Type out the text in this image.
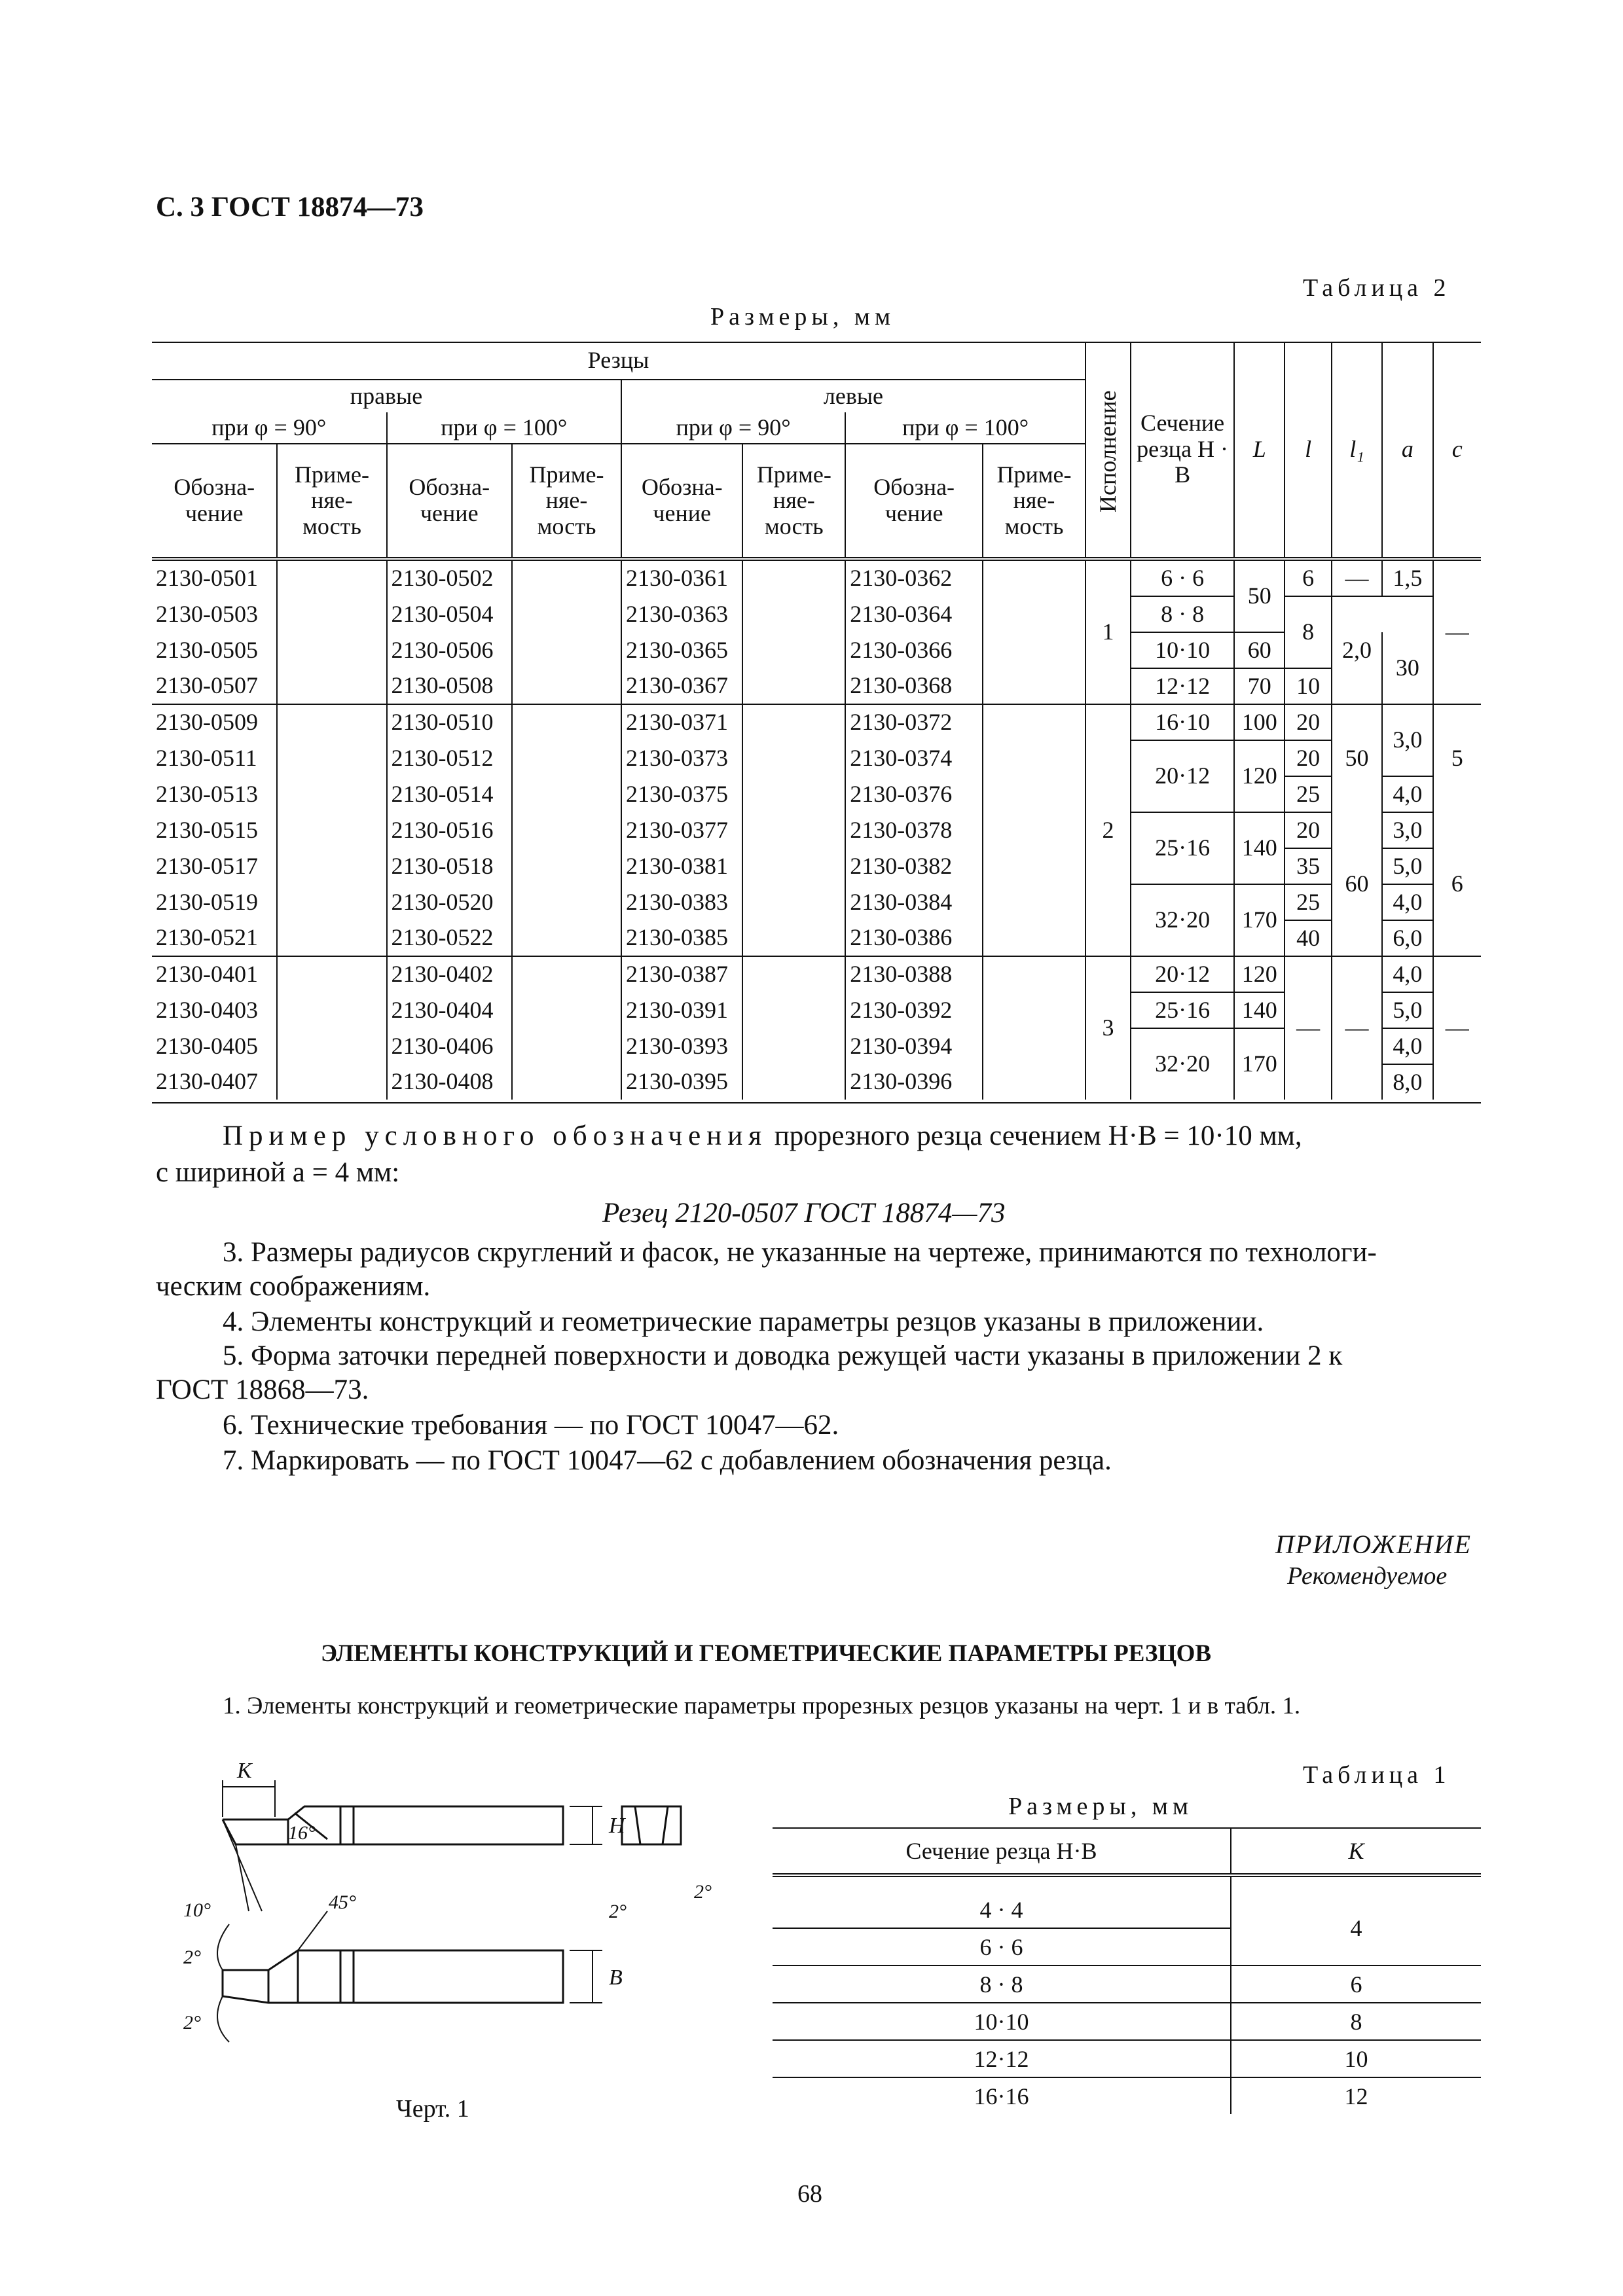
С. 3 ГОСТ 18874—73
Таблица 2
Размеры, мм
Резцы								Исполнение	Сечение резца H · B	L	l	l₁	a	c
правые				левые										
при φ = 90°		при φ = 100°		при φ = 90°		при φ = 100°								
Обозна- чение	Приме- няе- мость	Обозна- чение	Приме- няе- мость	Обозна- чение	Приме- няе- мость	Обозна- чение	Приме- няе- мость							
2130-0501		2130-0502		2130-0361		2130-0362		1	6 · 6	50	6	—	1,5	—
2130-0503		2130-0504		2130-0363		2130-0364			8 · 8		8	2,0		
2130-0505		2130-0506		2130-0365		2130-0366			10·10	60			30	
2130-0507		2130-0508		2130-0367		2130-0368			12·12	70	10			
2130-0509		2130-0510		2130-0371		2130-0372		2	16·10	100	20	50	3,0	5
2130-0511		2130-0512		2130-0373		2130-0374			20·12	120	20			
2130-0513		2130-0514		2130-0375		2130-0376					25		4,0	
2130-0515		2130-0516		2130-0377		2130-0378			25·16	140	20	60	3,0	6
2130-0517		2130-0518		2130-0381		2130-0382					35		5,0	
2130-0519		2130-0520		2130-0383		2130-0384			32·20	170	25		4,0	
2130-0521		2130-0522		2130-0385		2130-0386					40		6,0	
2130-0401		2130-0402		2130-0387		2130-0388		3	20·12	120	—	—	4,0	—
2130-0403		2130-0404		2130-0391		2130-0392			25·16	140			5,0	
2130-0405		2130-0406		2130-0393		2130-0394			32·20	170			4,0	
2130-0407		2130-0408		2130-0395		2130-0396							8,0	
Пример условного обозначения прорезного резца сечением H·B = 10·10 мм,
с шириной a = 4 мм:
Резец 2120-0507 ГОСТ 18874—73
3. Размеры радиусов скруглений и фасок, не указанные на чертеже, принимаются по технологи-
ческим соображениям.
4. Элементы конструкций и геометрические параметры резцов указаны в приложении.
5. Форма заточки передней поверхности и доводка режущей части указаны в приложении 2 к
ГОСТ 18868—73.
6. Технические требования — по ГОСТ 10047—62.
7. Маркировать — по ГОСТ 10047—62 с добавлением обозначения резца.
ПРИЛОЖЕНИЕ
Рекомендуемое
ЭЛЕМЕНТЫ КОНСТРУКЦИЙ И ГЕОМЕТРИЧЕСКИЕ ПАРАМЕТРЫ РЕЗЦОВ
1. Элементы конструкций и геометрические параметры прорезных резцов указаны на черт. 1 и в табл. 1.
K
H
B
16°
10°	45°	2°
2°
2°
2°
Черт. 1
Таблица 1
Размеры, мм
Сечение резца H·B	K

4 · 4	4
6 · 6	
8 · 8	6
10·10	8
12·12	10
16·16	12
68
